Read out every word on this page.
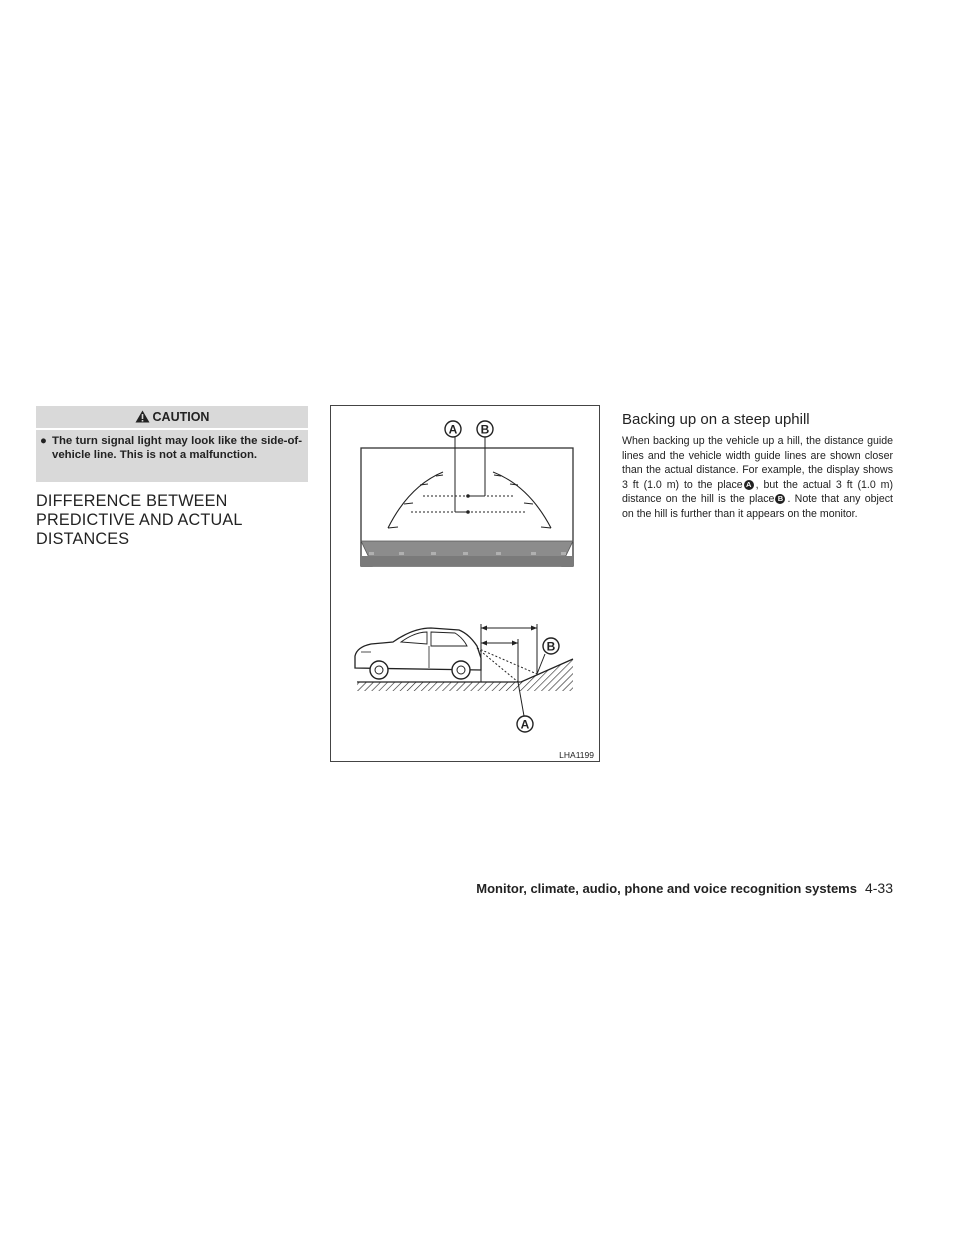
CAUTION
● The turn signal light may look like the side-of-vehicle line. This is not a malfunction.
DIFFERENCE BETWEEN PREDICTIVE AND ACTUAL DISTANCES
A B
B
A
LHA1199
Backing up on a steep uphill
When backing up the vehicle up a hill, the distance guide lines and the vehicle width guide lines are shown closer than the actual distance. For example, the display shows 3 ft (1.0 m) to the place A , but the actual 3 ft (1.0 m) distance on the hill is the place B . Note that any object on the hill is further than it appears on the monitor.
Monitor, climate, audio, phone and voice recognition systems 4-33
